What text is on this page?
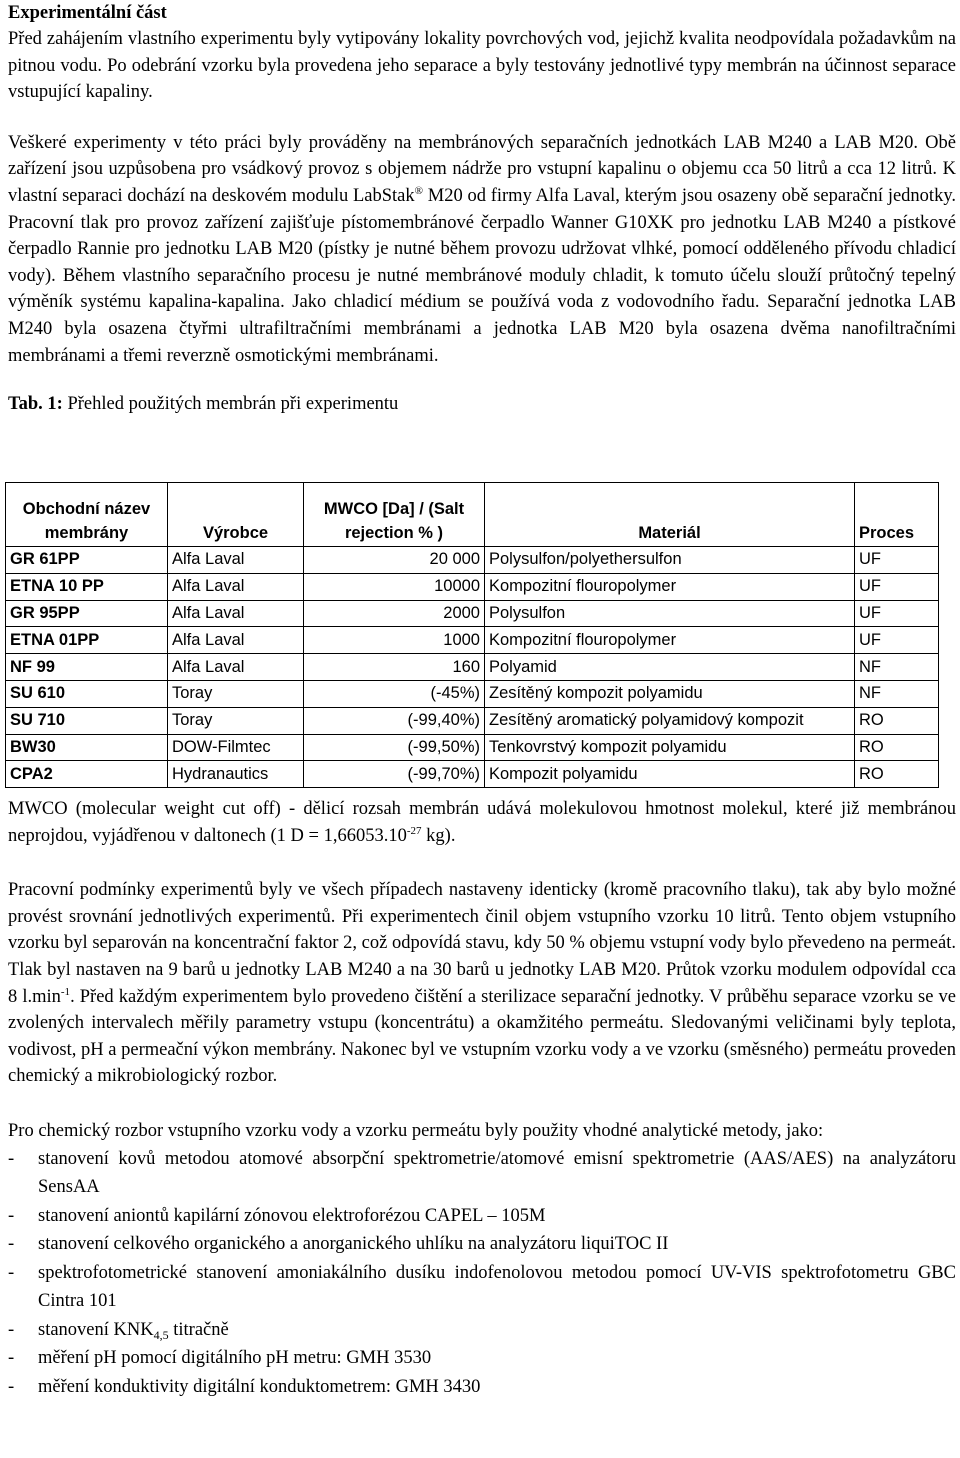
Experimentální část

Před zahájením vlastního experimentu byly vytipovány lokality povrchových vod, jejichž kvalita neodpovídala požadavkům na pitnou vodu. Po odebrání vzorku byla provedena jeho separace a byly testovány jednotlivé typy membrán na účinnost separace vstupující kapaliny.

Veškeré experimenty v této práci byly prováděny na membránových separačních jednotkách LAB M240 a LAB M20. Obě zařízení jsou uzpůsobena pro vsádkový provoz s objemem nádrže pro vstupní kapalinu o objemu cca 50 litrů a cca 12 litrů. K vlastní separaci dochází na deskovém modulu LabStak® M20 od firmy Alfa Laval, kterým jsou osazeny obě separační jednotky. Pracovní tlak pro provoz zařízení zajišťuje pístomembránové čerpadlo Wanner G10XK pro jednotku LAB M240 a pístkové čerpadlo Rannie pro jednotku LAB M20 (pístky je nutné během provozu udržovat vlhké, pomocí odděleného přívodu chladicí vody). Během vlastního separačního procesu je nutné membránové moduly chladit, k tomuto účelu slouží průtočný tepelný výměník systému kapalina-kapalina. Jako chladicí médium se používá voda z vodovodního řadu. Separační jednotka LAB M240 byla osazena čtyřmi ultrafiltračními membránami a jednotka LAB M20 byla osazena dvěma nanofiltračními membránami a třemi reverzně osmotickými membránami.

Tab. 1: Přehled použitých membrán při experimentu

Obchodní název membrány	Výrobce	MWCO [Da] / (Salt rejection % )	Materiál	Proces
GR 61PP	Alfa Laval	20 000	Polysulfon/polyethersulfon	UF
ETNA 10 PP	Alfa Laval	10000	Kompozitní flouropolymer	UF
GR 95PP	Alfa Laval	2000	Polysulfon	UF
ETNA 01PP	Alfa Laval	1000	Kompozitní flouropolymer	UF
NF 99	Alfa Laval	160	Polyamid	NF
SU 610	Toray	(-45%)	Zesítěný kompozit polyamidu	NF
SU 710	Toray	(-99,40%)	Zesítěný aromatický polyamidový kompozit	RO
BW30	DOW-Filmtec	(-99,50%)	Tenkovrstvý kompozit polyamidu	RO
CPA2	Hydranautics	(-99,70%)	Kompozit polyamidu	RO

MWCO (molecular weight cut off) - dělicí rozsah membrán udává molekulovou hmotnost molekul, které již membránou neprojdou, vyjádřenou v daltonech (1 $D = 1,66053.10^{-27}$ kg).

Pracovní podmínky experimentů byly ve všech případech nastaveny identicky (kromě pracovního tlaku), tak aby bylo možné provést srovnání jednotlivých experimentů. Při experimentech činil objem vstupního vzorku 10 litrů. Tento objem vstupního vzorku byl separován na koncentrační faktor 2, což odpovídá stavu, kdy 50 % objemu vstupní vody bylo převedeno na permeát. Tlak byl nastaven na 9 barů u jednotky LAB M240 a na 30 barů u jednotky LAB M20. Průtok vzorku modulem odpovídal cca 8 $l.\min^{-1}$. Před každým experimentem bylo provedeno čištění a sterilizace separační jednotky. V průběhu separace vzorku se ve zvolených intervalech měřily parametry vstupu (koncentrátu) a okamžitého permeátu. Sledovanými veličinami byly teplota, vodivost, pH a permeační výkon membrány. Nakonec byl ve vstupním vzorku vody a ve vzorku (směsného) permeátu proveden chemický a mikrobiologický rozbor.

Pro chemický rozbor vstupního vzorku vody a vzorku permeátu byly použity vhodné analytické metody, jako:

- stanovení kovů metodou atomové absorpční spektrometrie/atomové emisní spektrometrie (AAS/AES) na analyzátoru SensAA
- stanovení aniontů kapilární zónovou elektroforézou CAPEL – 105M
- stanovení celkového organického a anorganického uhlíku na analyzátoru liquiTOC II
- spektrofotometrické stanovení amoniakálního dusíku indofenolovou metodou pomocí UV-VIS spektrofotometru GBC Cintra 101
- stanovení $KNK_{4,5}$ titračně
- měření pH pomocí digitálního pH metru: GMH 3530
- měření konduktivity digitální konduktometrem: GMH 3430
